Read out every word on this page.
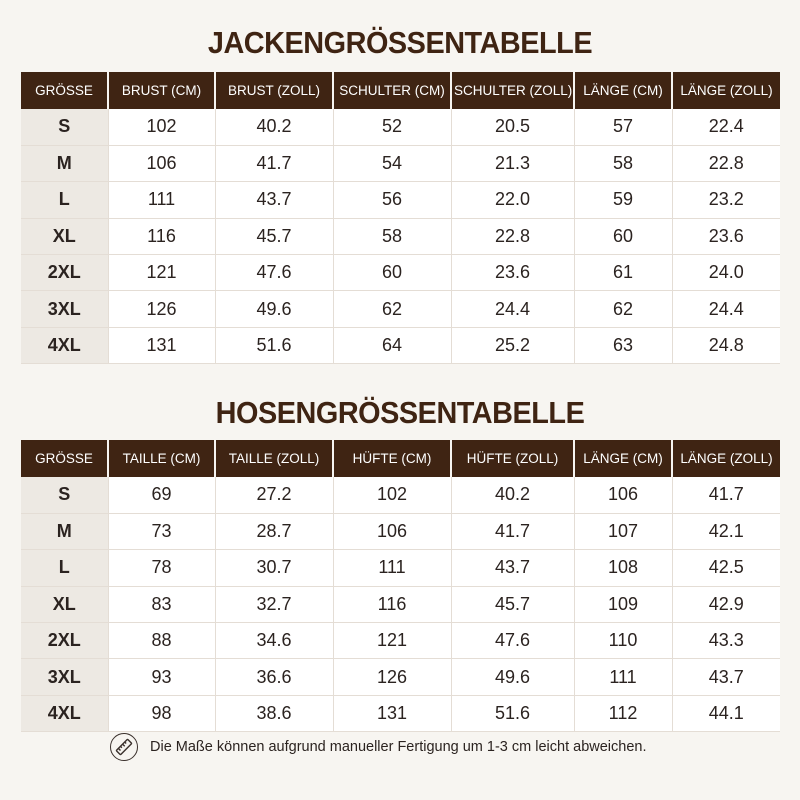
JACKENGRÖSSENTABELLE
GRÖSSE	BRUST (CM)	BRUST (ZOLL)	SCHULTER (CM)	SCHULTER (ZOLL)	LÄNGE (CM)	LÄNGE (ZOLL)
S	102	40.2	52	20.5	57	22.4
M	106	41.7	54	21.3	58	22.8
L	111	43.7	56	22.0	59	23.2
XL	116	45.7	58	22.8	60	23.6
2XL	121	47.6	60	23.6	61	24.0
3XL	126	49.6	62	24.4	62	24.4
4XL	131	51.6	64	25.2	63	24.8
HOSENGRÖSSENTABELLE
GRÖSSE	TAILLE (CM)	TAILLE (ZOLL)	HÜFTE (CM)	HÜFTE (ZOLL)	LÄNGE (CM)	LÄNGE (ZOLL)
S	69	27.2	102	40.2	106	41.7
M	73	28.7	106	41.7	107	42.1
L	78	30.7	111	43.7	108	42.5
XL	83	32.7	116	45.7	109	42.9
2XL	88	34.6	121	47.6	110	43.3
3XL	93	36.6	126	49.6	111	43.7
4XL	98	38.6	131	51.6	112	44.1
Die Maße können aufgrund manueller Fertigung um 1-3 cm leicht abweichen.
